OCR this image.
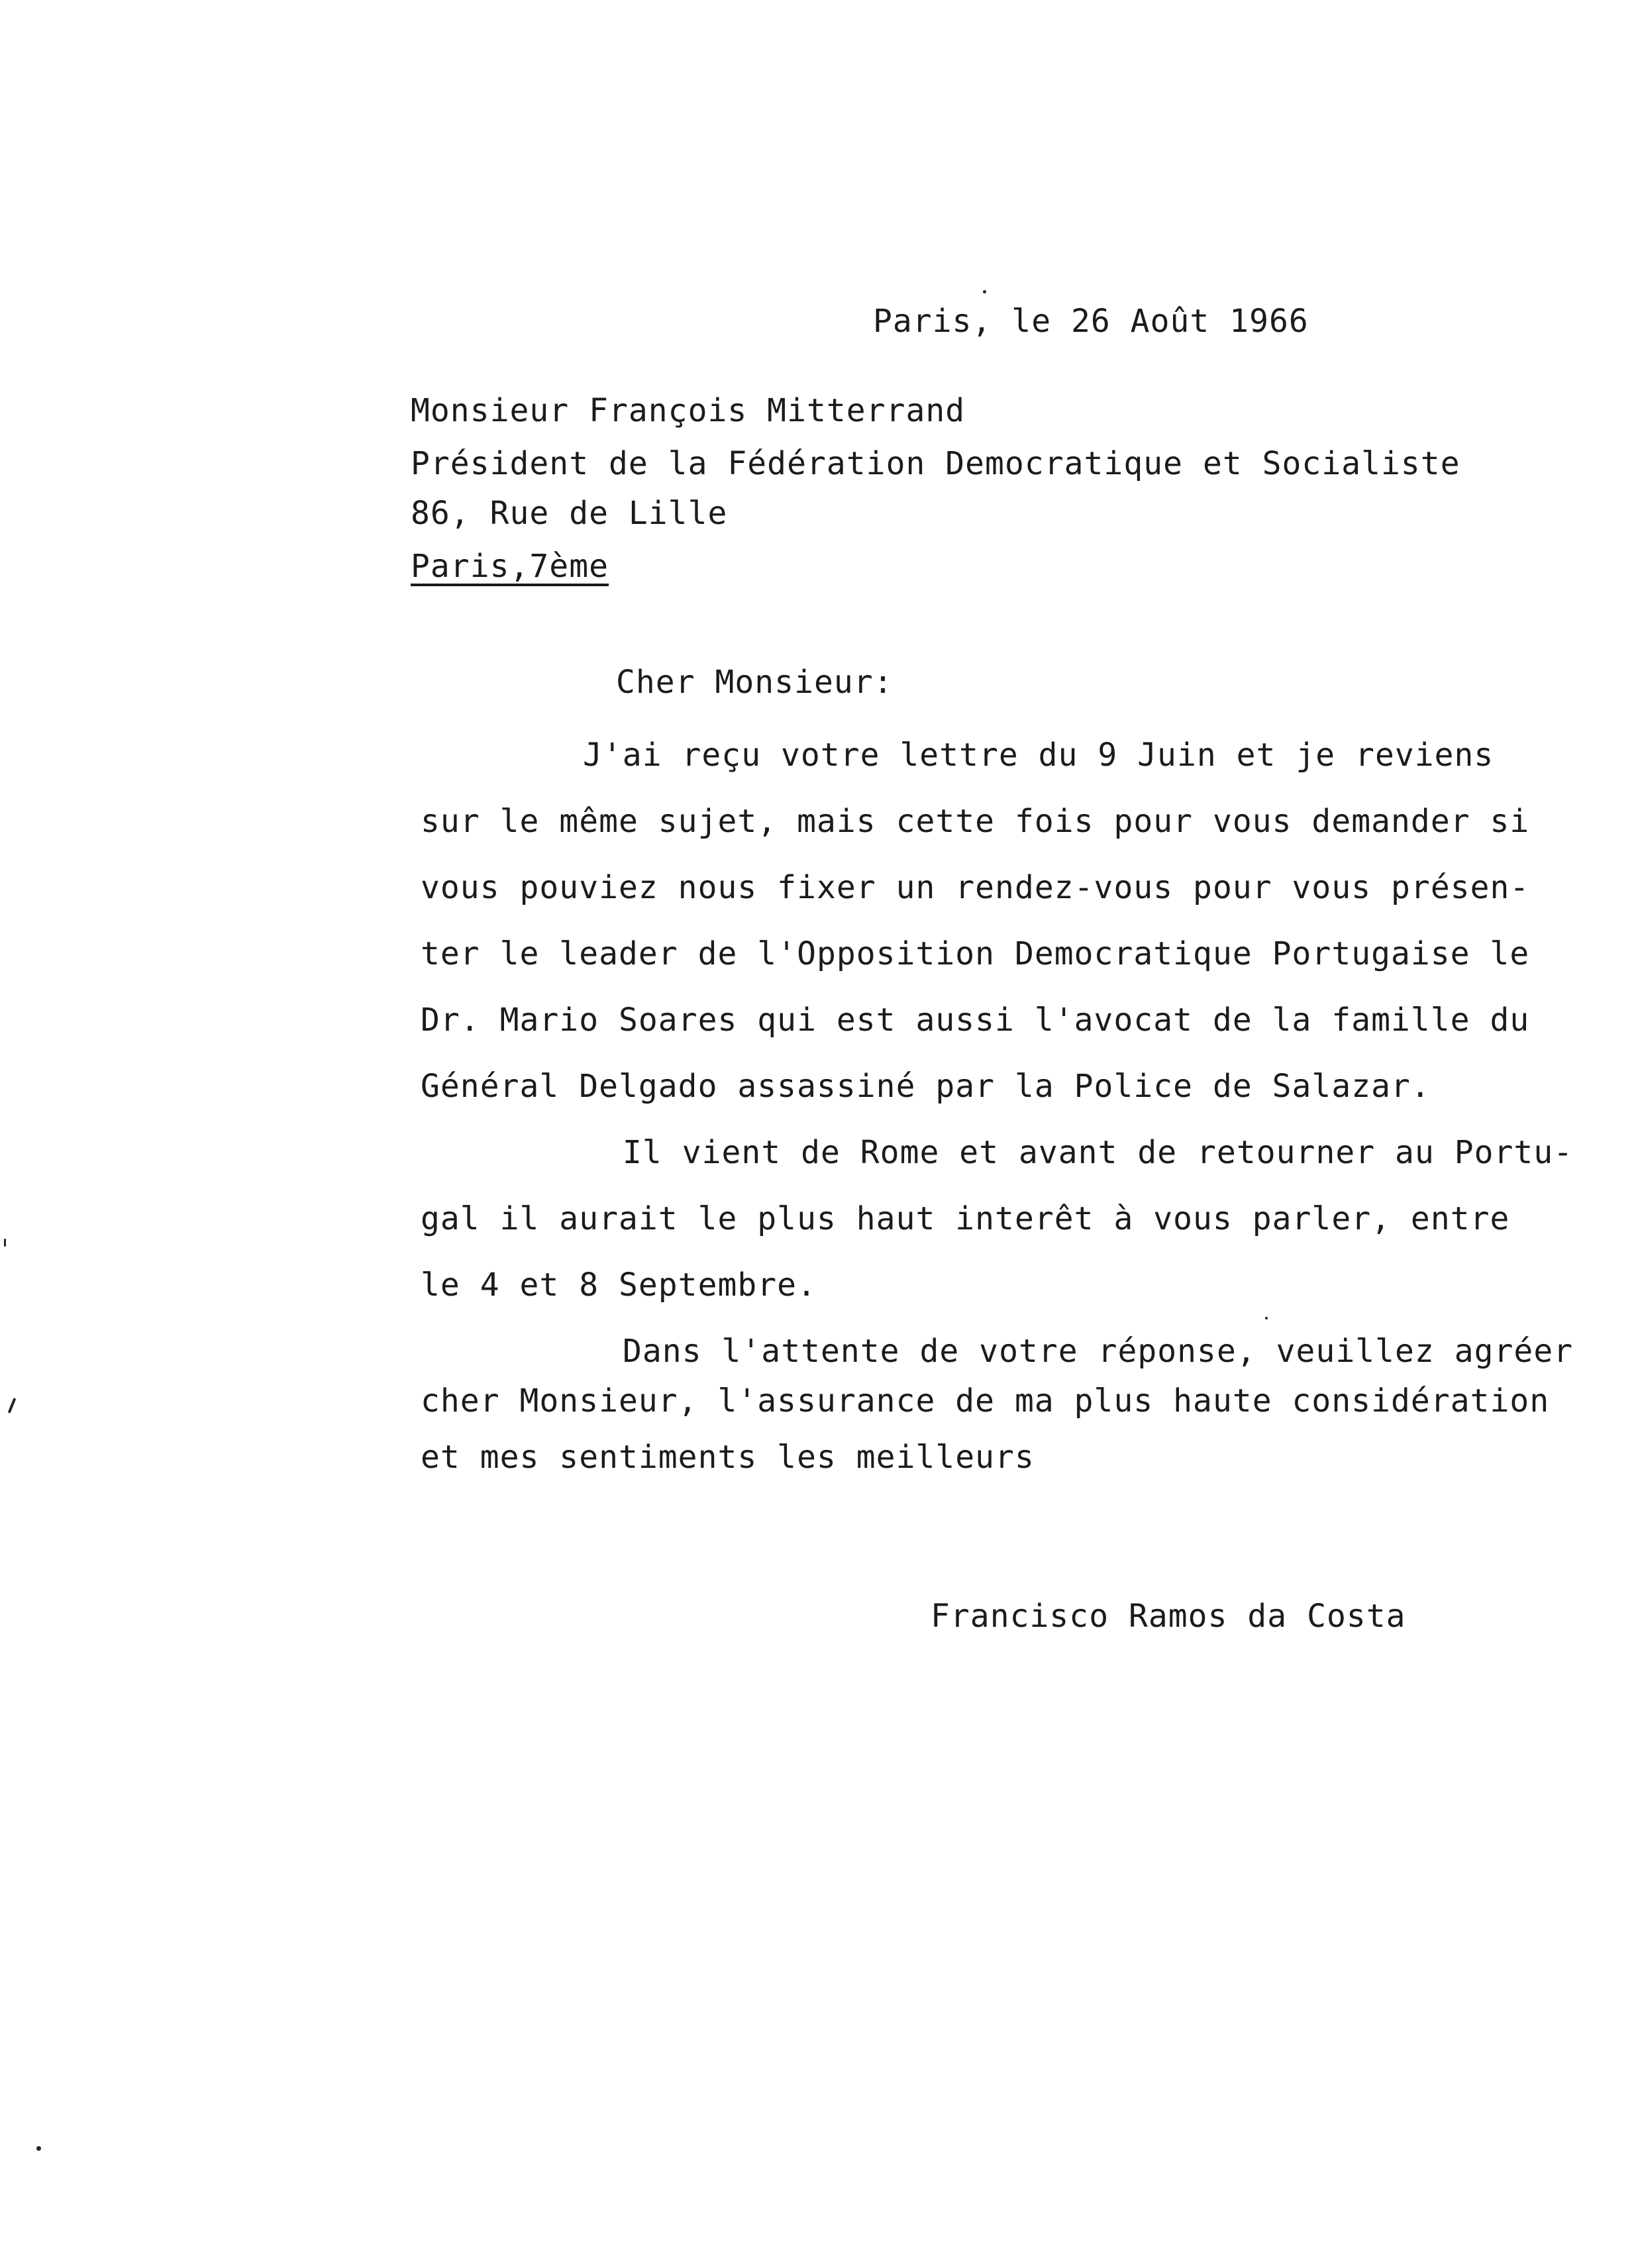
Paris, le 26 Août 1966
Monsieur François Mitterrand
Président de la Fédération Democratique et Socialiste
86, Rue de Lille
Paris,7ème
Cher Monsieur:
J'ai reçu votre lettre du 9 Juin et je reviens
sur le même sujet, mais cette fois pour vous demander si
vous pouviez nous fixer un rendez-vous pour vous présen-
ter le leader de l'Opposition Democratique Portugaise le
Dr. Mario Soares qui est aussi l'avocat de la famille du
Général Delgado assassiné par la Police de Salazar.
Il vient de Rome et avant de retourner au Portu-
gal il aurait le plus haut interêt à vous parler, entre
le 4 et 8 Septembre.
Dans l'attente de votre réponse, veuillez agréer
cher Monsieur, l'assurance de ma plus haute considération
et mes sentiments les meilleurs
Francisco Ramos da Costa
